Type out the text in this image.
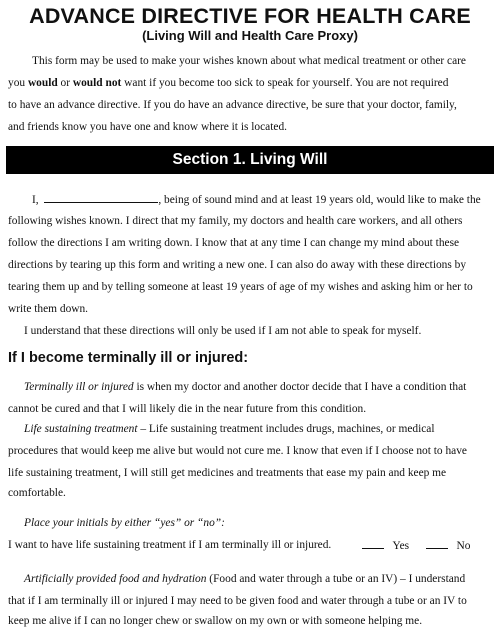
ADVANCE DIRECTIVE FOR HEALTH CARE
(Living Will and Health Care Proxy)
This form may be used to make your wishes known about what medical treatment or other care
you would or would not want if you become too sick to speak for yourself. You are not required
to have an advance directive. If you do have an advance directive, be sure that your doctor, family,
and friends know you have one and know where it is located.
Section 1. Living Will
I,	, being of sound mind and at least 19 years old, would like to make the
following wishes known. I direct that my family, my doctors and health care workers, and all others
follow the directions I am writing down. I know that at any time I can change my mind about these
directions by tearing up this form and writing a new one. I can also do away with these directions by
tearing them up and by telling someone at least 19 years of age of my wishes and asking him or her to
write them down.
I understand that these directions will only be used if I am not able to speak for myself.
If I become terminally ill or injured:
Terminally ill or injured is when my doctor and another doctor decide that I have a condition that
cannot be cured and that I will likely die in the near future from this condition.
Life sustaining treatment – Life sustaining treatment includes drugs, machines, or medical
procedures that would keep me alive but would not cure me. I know that even if I choose not to have
life sustaining treatment, I will still get medicines and treatments that ease my pain and keep me
comfortable.
Place your initials by either “yes” or “no”:
I want to have life sustaining treatment if I am terminally ill or injured.	Yes	No
Artificially provided food and hydration (Food and water through a tube or an IV) – I understand
that if I am terminally ill or injured I may need to be given food and water through a tube or an IV to
keep me alive if I can no longer chew or swallow on my own or with someone helping me.
